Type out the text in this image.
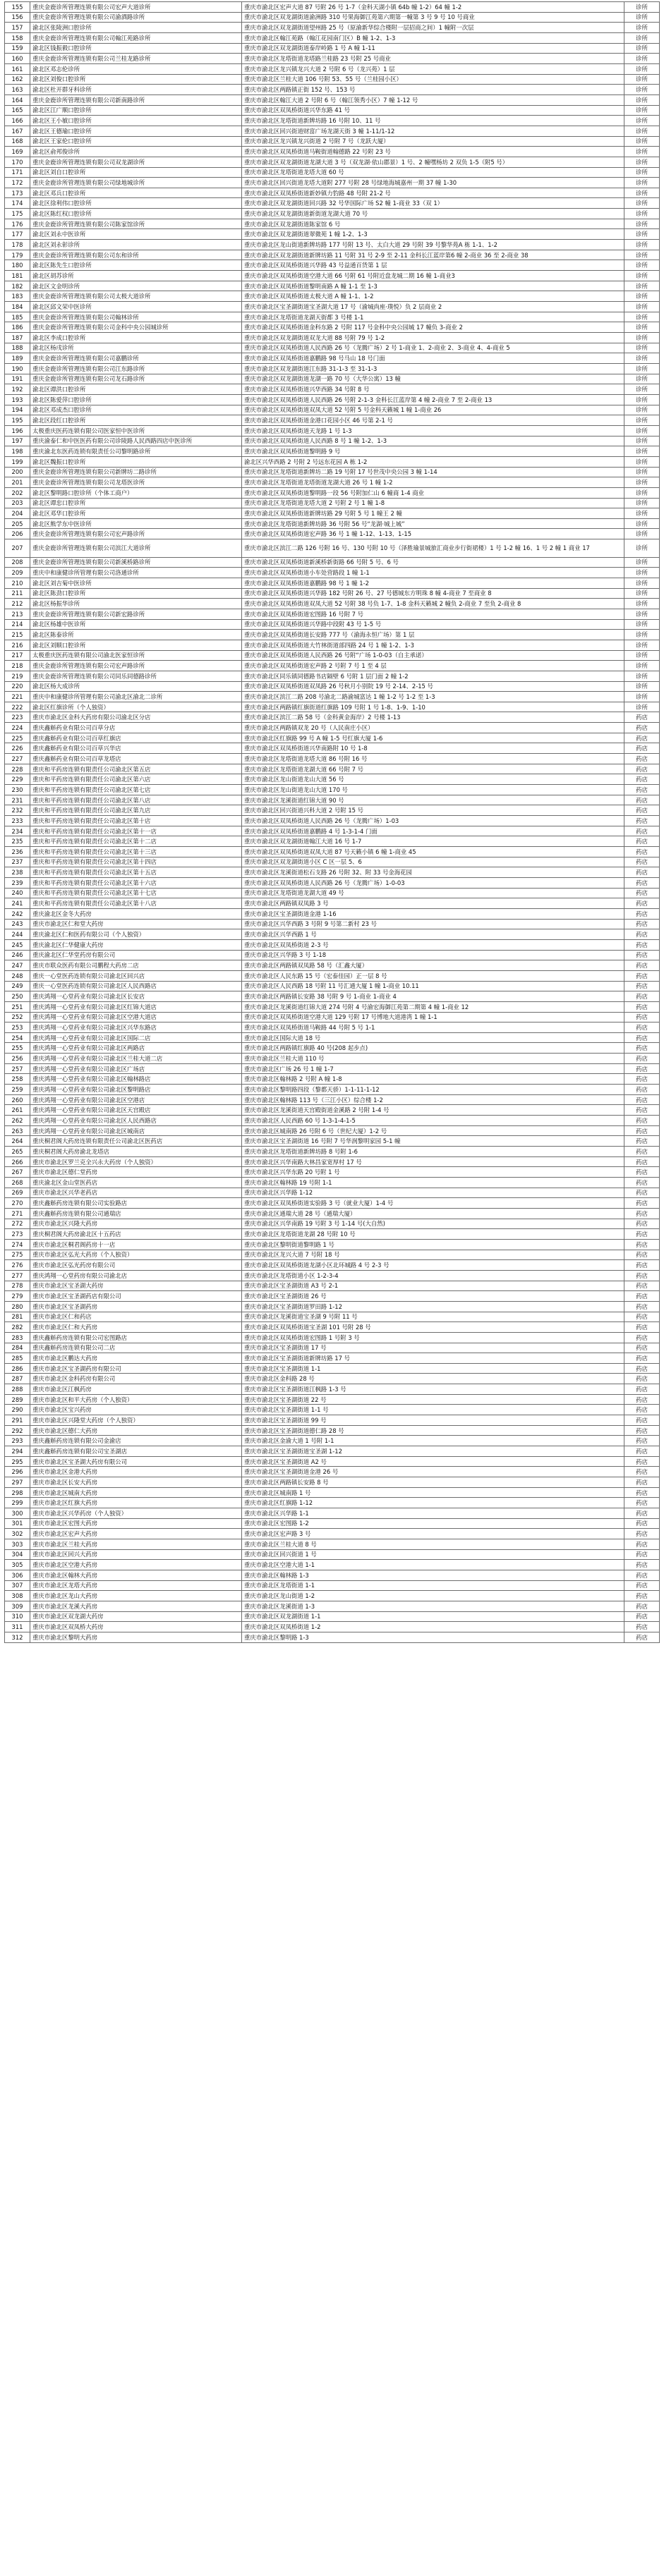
155	重庆金鹿诊所管理连锁有限公司宏声大道诊所	重庆市渝北区宏声大道 87 号附 26 号 1-7（金科天湖小镇 64b 幢 1-2）64 幢 1-2	诊所
156	重庆金鹿诊所管理连锁有限公司渝酒路诊所	重庆市渝北区双龙湖街道渝洲路 310 号果海御江苑第六期第一幢第 3 号 9 号 10 号商业	诊所
157	渝北区张陵洲口腔诊所	重庆市渝北区双龙湖街道望州路 25 号（原渝新华综合楼附一层招商之间）1 幢附一次层	诊所
158	重庆金鹿诊所管理连锁有限公司翰江苑路诊所	重庆市渝北区翰江苑路（翰江花园南门区）B 幢 1-2、1-3	诊所
159	渝北区钱振毅口腔诊所	重庆市渝北区双龙湖街道泰岸岭路 1 号 A 幢 1-11	诊所
160	重庆金鹿诊所管理连锁有限公司兰桂龙路诊所	重庆市渝北区龙塔街道龙塔路兰桂路 23 号附 25 号商业	诊所
161	渝北区邓志伦诊所	重庆市渝北区龙兴镇龙兴大道 2 号附 6 号（龙兴苑）1 层	诊所
162	渝北区刘俊口腔诊所	重庆市渝北区兰桂大道 106 号附 53、55 号（兰桂园小区）	诊所
163	渝北区杜开群牙科诊所	重庆市渝北区两路镇正街 152 号、153 号	诊所
164	重庆金鹿诊所管理连锁有限公司新南路诊所	重庆市渝北区翰江大道 2 号附 6 号（翰江领秀小区）7 幢 1-12 号	诊所
165	渝北区江广顺口腔诊所	重庆市渝北区双凤桥街道兴华东路 41 号	诊所
166	渝北区王小敏口腔诊所	重庆市渝北区龙塔街道新牌坊路 16 号附 10、11 号	诊所
167	渝北区王德瑜口腔诊所	重庆市渝北区回兴街道财富广场龙湖天街 3 幢 1-11/1-12	诊所
168	渝北区王家伦口腔诊所	重庆市渝北区龙兴镇龙兴街道 2 号附 7 号（龙跃大厦）	诊所
169	渝北区俞邦俊诊所	重庆市渝北区双凤桥街道马鞍街道翰德路 22 号附 23 号	诊所
170	重庆金鹿诊所管理连锁有限公司双龙湖诊所	重庆市渝北区双龙湖街道龙湖大道 3 号（双龙湖·依山郡景）1 号、2 幢嘿杨坊 2 双负 1-5（附5 号）	诊所
171	渝北区刘自口腔诊所	重庆市渝北区龙塔街道龙塔大道 60 号	诊所
172	重庆金鹿诊所管理连锁有限公司绿地城诊所	重庆市渝北区回兴街道龙塔大道附 277 号附 28 号绿地海城嘉州一期 37 幢 1-30	诊所
173	渝北区邓兵口腔诊所	重庆市渝北区双凤桥街道新妙镇力豹路 48 号附 21-2 号	诊所
174	渝北区徐利伟口腔诊所	重庆市渝北区双龙湖街道回兴路 32 号华国际广场 S2 幢 1-商业 33（双 1）	诊所
175	渝北区陈红权口腔诊所	重庆市渝北区双龙湖街道新街道龙湖大道 70 号	诊所
176	重庆金鹿诊所管理连锁有限公司陈家馆诊所	重庆市渝北区双龙湖街道陈家馆 6 号	诊所
177	渝北区刘永中医诊所	重庆市渝北区双龙湖街道翠微苑 1 幢 1-2、1-3	诊所
178	渝北区刘永彰诊所	重庆市渝北区龙山街道新牌坊路 177 号附 13 号、太白大道 29 号附 39 号黎华苑A 栋 1-1、1-2	诊所
179	重庆金鹿诊所管理连锁有限公司东和诊所	重庆市渝北区双龙湖街道新牌坊路 11 号附 31 号 2-9 至 2-11 金科长江蓝岸第6 幢 2-商业 36 至 2-商业 38	诊所
180	渝北区陈先生口腔诊所	重庆市渝北区双凤桥街道兴华路 43 号益通百货第 1 层	诊所
181	渝北区胡苏诊所	重庆市渝北区双凤桥街道空港大道 66 号附 61 号附近盘龙城二期 16 幢 1-商业3	诊所
182	渝北区文金明诊所	重庆市渝北区双凤桥街道黎明南路 A 幢 1-1 至 1-3	诊所
183	重庆金鹿诊所管理连锁有限公司太极大道诊所	重庆市渝北区双凤桥街道太极大道 A 幢 1-1、1-2	诊所
184	渝北区邱文荣中医诊所	重庆市渝北区宝圣湖街道宝圣湖大道 17 号（渝城尚座·璞悦）负 2 层商业 2	诊所
185	重庆金鹿诊所管理连锁有限公司翰林诊所	重庆市渝北区龙塔街道龙湖天街都 3 号楼 1-1	诊所
186	重庆金鹿诊所管理连锁有限公司金科中央公园城诊所	重庆市渝北区双凤桥街道金科东路 2 号附 117 号金科中央公园城 17 幢负 3-商业 2	诊所
187	渝北区李成口腔诊所	重庆市渝北区双龙湖街道双龙大道 88 号附 79 号 1-2	诊所
188	渝北区杨戌诊所	重庆市渝北区双凤桥街道人民西路 26 号（龙腾广场）2 号 1-商业 1、2-商业 2、3-商业 4、4-商业 5	诊所
189	重庆金鹿诊所管理连锁有限公司嘉鹏诊所	重庆市渝北区双凤桥街道嘉鹏路 98 号马山 18 号门面	诊所
190	重庆金鹿诊所管理连锁有限公司江东路诊所	重庆市渝北区双龙湖街道江东路 31-1-3 至 31-1-3	诊所
191	重庆金鹿诊所管理连锁有限公司龙石路诊所	重庆市渝北区双龙湖街道龙湖一路 70 号（大华公寓）13 幢	诊所
192	渝北区谭洪口腔诊所	重庆市渝北区双凤桥街道兴华西路 34 号附 8 号	诊所
193	渝北区陈爱萍口腔诊所	重庆市渝北区双凤桥街道人民西路 26 号附 2-1-3 金科长江蓝岸第 4 幢 2-商业 7 至 2-商业 13	诊所
194	渝北区邓成杰口腔诊所	重庆市渝北区双凤桥街道双凤大道 52 号附 5 号金科天籁城 1 幢 1-商业 26	诊所
195	渝北区段红口腔诊所	重庆市渝北区双凤桥街道金港口花园小区 46 号第 2-1 号	诊所
196	太极重庆医药连锁有限公司医家恒中医诊所	重庆市渝北区双凤桥街道天龙路 1 号 1-3	诊所
197	重庆渝泰仁和中医医药有限公司诊陵路人民西路四店中医诊所	重庆市渝北区双凤桥街道人民西路 8 号 1 幢 1-2、1-3	诊所
198	重庆渝北东医药连锁有限责任公司黎明路诊所	重庆市渝北区双凤桥街道黎明路 9 号	诊所
199	渝北区魏振口腔诊所	渝北区兴华西路 2 号附 2 号远东花园 A 栋 1-2	诊所
200	重庆金鹿诊所管理连锁有限公司新牌坊二路诊所	重庆市渝北区龙塔街道新牌坊二路 19 号附 17 号世茂中央公园 3 幢 1-14	诊所
201	重庆金鹿诊所管理连锁有限公司龙塔医诊所	重庆市渝北区龙塔街道龙塔街道龙湖大道 26 号 1 幢 1-2	诊所
202	渝北区黎明路口腔诊所（个体工商户）	重庆市渝北区双凤桥街道黎明路一段 56 号附加仁山 6 幢商 1-4 商业	诊所
203	渝北区谭忠口腔诊所	重庆市渝北区龙塔街道龙塔大道 2 号附 2 号 1 幢 1-8	诊所
204	渝北区邓华口腔诊所	重庆市渝北区双凤桥街道新牌坊路 29 号附 5 号 1 幢王 2 幢	诊所
205	渝北区熊学东中医诊所	重庆市渝北区龙塔街道新牌坊路 36 号附 56 号“龙湖·城上城”	诊所
206	重庆金鹿诊所管理连锁有限公司宏声路诊所	重庆市渝北区双凤桥街道宏声路 36 号 1 幢 1-12、1-13、1-15	诊所
207	重庆金鹿诊所管理连锁有限公司滨江大道诊所	重庆市渝北区滨江二路 126 号附 16 号、130 号附 10 号（泽胜瑜景城旅汇商业步行街裙楼）1 号 1-2 幢 16、1 号 2 幢 1 商业 17	诊所
208	重庆金鹿诊所管理连锁有限公司新溪桥路诊所	重庆市渝北区双凤桥街道新溪桥新街路 66 号附 5 号、6 号	诊所
209	重庆中和康健诊所管理有限公司洛通诊所	重庆市渝北区双凤桥街道小车处营路段 1 幢 1-1	诊所
210	渝北区刘吉菊中医诊所	重庆市渝北区双凤桥街道嘉鹏路 98 号 1 幢 1-2	诊所
211	渝北区陈劲口腔诊所	重庆市渝北区双凤桥街道兴华路 182 号附 26 号、27 号德城东方明珠 8 幢 4-商业 7 至商业 8	诊所
212	渝北区杨振华诊所	重庆市渝北区双凤桥街道双凤大道 52 号附 38 号负 1-7、1-8 金科天籁城 2 幢负 2-商业 7 至负 2-商业 8	诊所
213	重庆金鹿诊所管理连锁有限公司新宏路诊所	重庆市渝北区双凤桥街道宏图路 16 号附 7 号	诊所
214	渝北区杨雄中医诊所	重庆市渝北区双凤桥街道兴华路中段附 43 号 1-5 号	诊所
215	渝北区陈泰诊所	重庆市渝北区双凤桥街道长安路 777 号（渝海永恒广场）第 1 层	诊所
216	渝北区刘顺口腔诊所	重庆市渝北区双凤桥街道大竹林街道部四路 24 号 1 幢 1-2、1-3	诊所
217	太极重庆医药连锁有限公司渝北医家恒诊所	重庆市渝北区双凤桥街道人民西路 26 号附“广场 1-0-03（自主承诺）	诊所
218	重庆金鹿诊所管理连锁有限公司宏声路诊所	重庆市渝北区双凤桥街道宏声路 2 号附 7 号 1 至 4 层	诊所
219	重庆金鹿诊所管理连锁有限公司同乐同德路诊所	重庆市渝北区同乐镇同德路书店隔壁 6 号附 1 层门面 2 幢 1-2	诊所
220	渝北区杨大成诊所	重庆市渝北区双凤桥街道双凤路 26 号秋月小别院 19 号 2-14、2-15 号	诊所
221	重庆中和康健诊所管理有限公司渝北区渝北二诊所	重庆市渝北区滨江二路 208 号渝北二路渝城富达 1 幢 1-2 号 1-2 至 1-3	诊所
222	渝北区红旗诊所（个人独资）	重庆市渝北区两路镇红旗街道红旗路 109 号附 1 号 1-8、1-9、1-10	诊所
223	重庆市渝北区金科大药房有限公司渝北区分店	重庆市渝北区滨江二路 58 号（金科黄金海岸）2 号楼 1-13	药店
224	重庆鑫斛药业有限公司百草分店	重庆市渝北区两路镇双龙 20 号（人民南庄小区）	药店
225	重庆鑫斛药业有限公司百草红旗店	重庆市渝北区红旗路 99 号 A 幢 1-5 号红旗大厦 1-6	药店
226	重庆鑫斛药业有限公司百草兴华店	重庆市渝北区双凤桥街道兴华南路附 10 号 1-8	药店
227	重庆鑫斛药业有限公司百草龙塔店	重庆市渝北区龙塔街道龙塔大道 86 号附 16 号	药店
228	重庆和平药房连锁有限责任公司渝北区第五店	重庆市渝北区龙塔街道龙湖大道 66 号附 7 号	药店
229	重庆和平药房连锁有限责任公司渝北区第六店	重庆市渝北区龙山街道龙山大道 56 号	药店
230	重庆和平药房连锁有限责任公司渝北区第七店	重庆市渝北区龙山街道龙山大道 170 号	药店
231	重庆和平药房连锁有限责任公司渝北区第八店	重庆市渝北区龙溪街道红锦大道 90 号	药店
232	重庆和平药房连锁有限责任公司渝北区第九店	重庆市渝北区回兴街道兴科大道 2 号附 15 号	药店
233	重庆和平药房连锁有限责任公司渝北区第十店	重庆市渝北区双凤桥街道人民西路 26 号（龙腾广场）1-03	药店
234	重庆和平药房连锁有限责任公司渝北区第十一店	重庆市渝北区双凤桥街道嘉鹏路 4 号 1-3-1-4 门面	药店
235	重庆和平药房连锁有限责任公司渝北区第十二店	重庆市渝北区双龙湖街道翰江大道 16 号 1-7	药店
236	重庆和平药房连锁有限责任公司渝北区第十三店	重庆市渝北区双凤桥街道双凤大道 87 号天籁小镇 6 幢 1-商业 45	药店
237	重庆和平药房连锁有限责任公司渝北区第十四店	重庆市渝北区双龙湖街道小区 C 区一层 5、6	药店
238	重庆和平药房连锁有限责任公司渝北区第十五店	重庆市渝北区龙溪街道松石支路 26 号附 32、附 33 号金海花园	药店
239	重庆和平药房连锁有限责任公司渝北区第十六店	重庆市渝北区双凤桥街道人民西路 26 号（龙腾广场）1-0-03	药店
240	重庆和平药房连锁有限责任公司渝北区第十七店	重庆市渝北区龙塔街道龙湖大道 49 号	药店
241	重庆和平药房连锁有限责任公司渝北区第十八店	重庆市渝北区两路镇双凤路 3 号	药店
242	重庆渝北区金冬大药房	重庆市渝北区宝圣湖街道金港 1-16	药店
243	重庆市渝北区仁和堂大药房	重庆市渝北区兴华西路 3 号附 9 号第二新村 23 号	药店
244	重庆渝北区仁和医药有限公司（个人独资）	重庆市渝北区兴华西路 1 号	药店
245	重庆渝北区仁华健康大药房	重庆市渝北区双凤桥街道 2-3 号	药店
246	重庆渝北区仁华堂药房有限公司	重庆市渝北区兴华路 3 号 1-18	药店
247	重庆市联众医药有限公司鹏程大药房二店	重庆市渝北区两路镇双凤路 58 号（汇鑫大厦）	药店
248	重庆一心堂医药连锁有限公司渝北区回兴店	重庆市渝北区人民东路 15 号（宏泰佳园）正一层 8 号	药店
249	重庆一心堂医药连锁有限公司渝北区人民西路店	重庆市渝北区人民西路 18 号附 11 号汇通大厦 1 幢 1-商业 10.11	药店
250	重庆鸿翔一心堂药业有限公司渝北区长安店	重庆市渝北区两路镇长安路 38 号附 9 号 1-商业 1-商业 4	药店
251	重庆鸿翔一心堂药业有限公司渝北区红锦大道店	重庆市渝北区龙溪街道红锦大道 274 号附 4 号渝宏海御江苑第二期第 4 幢 1-商业 12	药店
252	重庆鸿翔一心堂药业有限公司渝北区空港大道店	重庆市渝北区双凤桥街道空港大道 129 号附 17 号博地大道港湾 1 幢 1-1	药店
253	重庆鸿翔一心堂药业有限公司渝北区兴华东路店	重庆市渝北区双凤桥街道马鞍路 44 号附 5 号 1-1	药店
254	重庆鸿翔一心堂药业有限公司渝北区国际二店	重庆市渝北区国际大道 18 号	药店
255	重庆鸿翔一心堂药业有限公司渝北区两路店	重庆市渝北区两路镇红旗路 40 号(208 起步点)	药店
256	重庆鸿翔一心堂药业有限公司渝北区兰桂大道二店	重庆市渝北区兰桂大道 110 号	药店
257	重庆鸿翔一心堂药业有限公司渝北区广场店	重庆市渝北区广场 26 号 1 幢 1-7	药店
258	重庆鸿翔一心堂药业有限公司渝北区翰林路店	重庆市渝北区翰林路 2 号附 A 幢 1-8	药店
259	重庆鸿翔一心堂药业有限公司渝北区黎明路店	重庆市渝北区黎明路四段（黎都天骄）1-1-11-1-12	药店
260	重庆鸿翔一心堂药业有限公司渝北区空港店	重庆市渝北区翰林路 113 号（三江小区）综合楼 1-2	药店
261	重庆鸿翔一心堂药业有限公司渝北区天宫殿店	重庆市渝北区龙溪街道天宫殿街道金溪路 2 号附 1-4 号	药店
262	重庆鸿翔一心堂药业有限公司渝北区人民西路店	重庆市渝北区人民西路 60 号 1-3-1-4-1-5	药店
263	重庆鸿翔一心堂药业有限公司渝北区城南店	重庆市渝北区城南路 26 号附 6 号（世纪大厦）1-2 号	药店
264	重庆桐君阁大药房连锁有限责任公司渝北区医药店	重庆市渝北区宝圣湖街道 16 号附 7 号华润黎明家园 5-1 幢	药店
265	重庆桐君阁大药房渝北龙塔店	重庆市渝北区龙塔街道新牌坊路 8 号附 1-6	药店
266	重庆市渝北区罗兰克全兴永大药房（个人独资）	重庆市渝北区兴华南路大林昌家宽厚村 17 号	药店
267	重庆市渝北区德仁堂药房	重庆市渝北区兴华东路 20 号附 1 号	药店
268	重庆渝北区金山堂医药店	重庆市渝北区翰林路 19 号附 1-1	药店
269	重庆市渝北区兴华老药店	重庆市渝北区兴华路 1-12	药店
270	重庆鑫斛药房连锁有限公司实验路店	重庆市渝北区双凤桥街道实验路 3 号（就业大厦）1-4 号	药店
271	重庆鑫斛药房连锁有限公司通瑞店	重庆市渝北区通瑞大道 28 号（通瑞大厦）	药店
272	重庆市渝北区兴隆大药房	重庆市渝北区兴华南路 19 号附 3 号 1-14 号(大自然)	药店
273	重庆桐君阁大药房渝北区十五药店	重庆市渝北区龙塔街道龙湖 28 号附 10 号	药店
274	重庆市渝北区桐君阁药房十一店	重庆市渝北区黎明街道黎明路 1 号	药店
275	重庆市渝北区弘光大药房（个人独资）	重庆市渝北区龙兴大道 7 号附 18 号	药店
276	重庆市渝北区弘光药房有限公司	重庆市渝北区双凤桥街道龙湖小区北环城路 4 号 2-3 号	药店
277	重庆鸿翔一心堂药房有限公司渝北店	重庆市渝北区龙塔街道小区 1-2-3-4	药店
278	重庆市渝北区宝圣湖大药房	重庆市渝北区宝圣湖街道 A3 号 2-1	药店
279	重庆市渝北区宝圣湖药店有限公司	重庆市渝北区宝圣湖街道 26 号	药店
280	重庆市渝北区宝圣湖药房	重庆市渝北区宝圣湖街道罗田路 1-12	药店
281	重庆市渝北区仁和药店	重庆市渝北区龙溪街道宝圣湖 9 号附 11 号	药店
282	重庆市渝北区仁和大药房	重庆市渝北区双凤桥街道宝圣湖 101 号附 28 号	药店
283	重庆鑫斛药房连锁有限公司宏图路店	重庆市渝北区双凤桥街道宏图路 1 号附 3 号	药店
284	重庆鑫斛药房连锁有限公司二店	重庆市渝北区宝圣湖街道 17 号	药店
285	重庆市渝北区鹏达大药房	重庆市渝北区宝圣湖街道新牌坊路 17 号	药店
286	重庆市渝北区宝圣湖药房有限公司	重庆市渝北区宝圣湖街道 1-1	药店
287	重庆市渝北区金科药房有限公司	重庆市渝北区金科路 28 号	药店
288	重庆市渝北区江枫药房	重庆市渝北区宝圣湖街道江枫路 1-3 号	药店
289	重庆市渝北区和平大药房（个人独资）	重庆市渝北区宝圣湖街道 22 号	药店
290	重庆市渝北区宝兴药房	重庆市渝北区宝圣湖街道 1-1 号	药店
291	重庆市渝北区兴隆堂大药房（个人独资）	重庆市渝北区宝圣湖街道 99 号	药店
292	重庆市渝北区德仁大药房	重庆市渝北区宝圣湖街道德仁路 28 号	药店
293	重庆鑫斛药房连锁有限公司金渝店	重庆市渝北区金渝大道 1 号附 1-1	药店
294	重庆鑫斛药房连锁有限公司宝圣湖店	重庆市渝北区宝圣湖街道宝圣湖 1-12	药店
295	重庆市渝北区宝圣湖大药房有限公司	重庆市渝北区宝圣湖街道 A2 号	药店
296	重庆市渝北区金港大药房	重庆市渝北区宝圣湖街道金港 26 号	药店
297	重庆市渝北区长安大药房	重庆市渝北区两路镇长安路 8 号	药店
298	重庆市渝北区城南大药房	重庆市渝北区城南路 1 号	药店
299	重庆市渝北区红旗大药房	重庆市渝北区红旗路 1-12	药店
300	重庆市渝北区兴华药房（个人独资）	重庆市渝北区兴华路 1-1	药店
301	重庆市渝北区宏图大药房	重庆市渝北区宏图路 1-2	药店
302	重庆市渝北区宏声大药房	重庆市渝北区宏声路 3 号	药店
303	重庆市渝北区兰桂大药房	重庆市渝北区兰桂大道 8 号	药店
304	重庆市渝北区回兴大药房	重庆市渝北区回兴街道 1 号	药店
305	重庆市渝北区空港大药房	重庆市渝北区空港大道 1-1	药店
306	重庆市渝北区翰林大药房	重庆市渝北区翰林路 1-3	药店
307	重庆市渝北区龙塔大药房	重庆市渝北区龙塔街道 1-1	药店
308	重庆市渝北区龙山大药房	重庆市渝北区龙山街道 1-2	药店
309	重庆市渝北区龙溪大药房	重庆市渝北区龙溪街道 1-3	药店
310	重庆市渝北区双龙湖大药房	重庆市渝北区双龙湖街道 1-1	药店
311	重庆市渝北区双凤桥大药房	重庆市渝北区双凤桥街道 1-2	药店
312	重庆市渝北区黎明大药房	重庆市渝北区黎明路 1-3	药店
